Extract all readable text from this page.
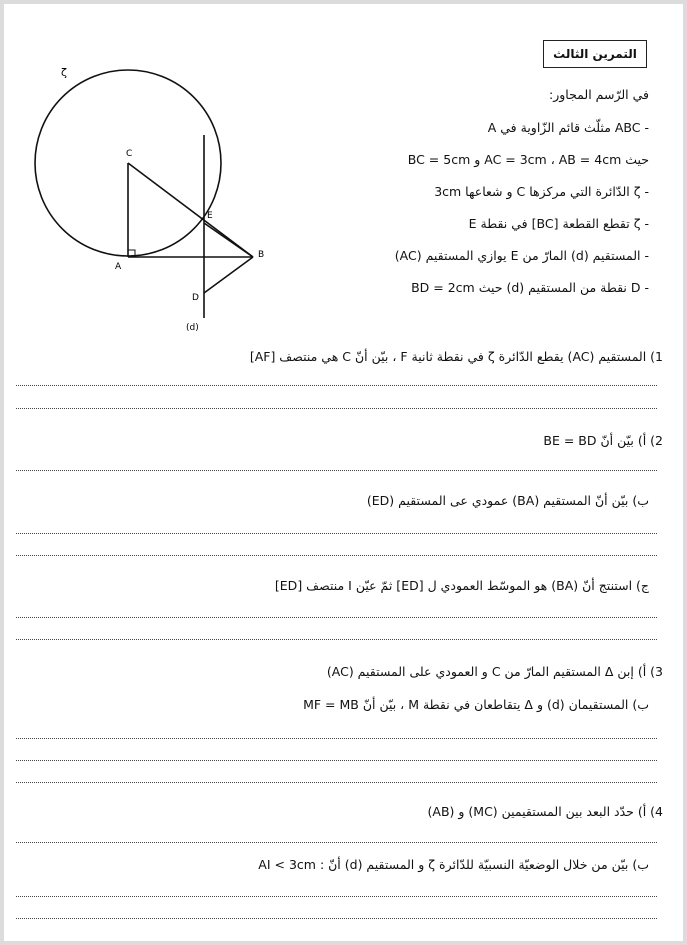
التمرين الثالث
في الرّسم المجاور:
- ABC مثلّث قائم الزّاوية في A
حيث AC = 3cm ، AB = 4cm و BC = 5cm
- ζ الدّائرة التي مركزها C و شعاعها 3cm
- ζ تقطع القطعة [BC] في نقطة E
- المستقيم (d) المارّ من E يوازي المستقيم (AC)
- D نقطة من المستقيم (d) حيث BD = 2cm
ζ
C
E
A
B
D
(d)
1) المستقيم (AC) يقطع الدّائرة ζ في نقطة ثانية F ، بيّن أنّ C هي منتصف [AF]
2) أ) بيّن أنّ BE = BD
ب) بيّن أنّ المستقيم (BA) عمودي عى المستقيم (ED)
ج) استنتج أنّ (BA) هو الموسّط العمودي ل [ED] ثمّ عيّن I منتصف [ED]
3) أ) إبن Δ المستقيم المارّ من C و العمودي على المستقيم (AC)
ب) المستقيمان (d) و Δ يتقاطعان في نقطة M ، بيّن أنّ MF = MB
4) أ) حدّد البعد بين المستقيمين (MC) و (AB)
ب) بيّن من خلال الوضعيّة النسبيّة للدّائرة ζ و المستقيم (d) أنّ : AI < 3cm
